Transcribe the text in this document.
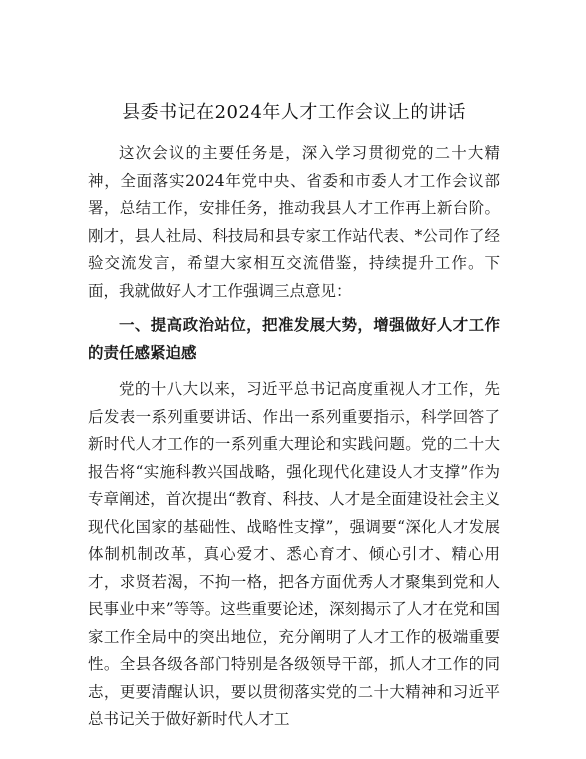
县委书记在2024年人才工作会议上的讲话

这次会议的主要任务是，深入学习贯彻党的二十大精神，全面落实2024年党中央、省委和市委人才工作会议部署，总结工作，安排任务，推动我县人才工作再上新台阶。刚才，县人社局、科技局和县专家工作站代表、*公司作了经验交流发言，希望大家相互交流借鉴，持续提升工作。下面，我就做好人才工作强调三点意见：

一、提高政治站位，把准发展大势，增强做好人才工作的责任感紧迫感

党的十八大以来，习近平总书记高度重视人才工作，先后发表一系列重要讲话、作出一系列重要指示，科学回答了新时代人才工作的一系列重大理论和实践问题。党的二十大报告将“实施科教兴国战略，强化现代化建设人才支撑”作为专章阐述，首次提出“教育、科技、人才是全面建设社会主义现代化国家的基础性、战略性支撑”，强调要“深化人才发展体制机制改革，真心爱才、悉心育才、倾心引才、精心用才，求贤若渴，不拘一格，把各方面优秀人才聚集到党和人民事业中来”等等。这些重要论述，深刻揭示了人才在党和国家工作全局中的突出地位，充分阐明了人才工作的极端重要性。全县各级各部门特别是各级领导干部，抓人才工作的同志，更要清醒认识，要以贯彻落实党的二十大精神和习近平总书记关于做好新时代人才工
